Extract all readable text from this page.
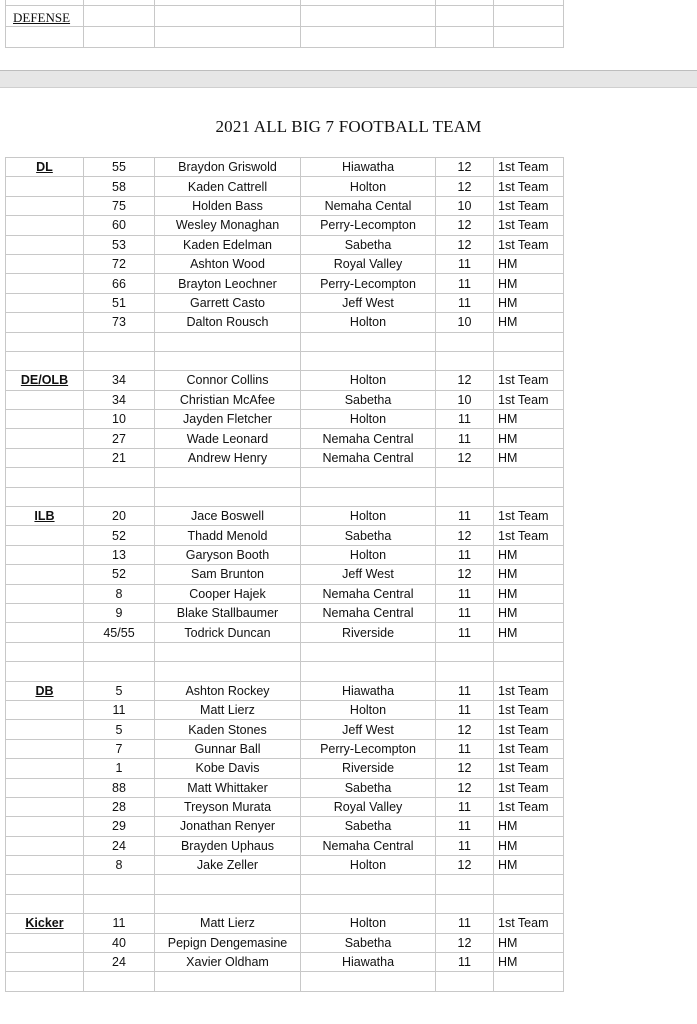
DEFENSE					

2021 ALL BIG 7 FOOTBALL TEAM
DL	55	Braydon Griswold	Hiawatha	12	1st Team
	58	Kaden Cattrell	Holton	12	1st Team
	75	Holden Bass	Nemaha Cental	10	1st Team
	60	Wesley Monaghan	Perry-Lecompton	12	1st Team
	53	Kaden Edelman	Sabetha	12	1st Team
	72	Ashton Wood	Royal Valley	11	HM
	66	Brayton Leochner	Perry-Lecompton	11	HM
	51	Garrett Casto	Jeff West	11	HM
	73	Dalton Rousch	Holton	10	HM

DE/OLB	34	Connor Collins	Holton	12	1st Team
	34	Christian McAfee	Sabetha	10	1st Team
	10	Jayden Fletcher	Holton	11	HM
	27	Wade Leonard	Nemaha Central	11	HM
	21	Andrew Henry	Nemaha Central	12	HM

ILB	20	Jace Boswell	Holton	11	1st Team
	52	Thadd Menold	Sabetha	12	1st Team
	13	Garyson Booth	Holton	11	HM
	52	Sam Brunton	Jeff West	12	HM
	8	Cooper Hajek	Nemaha Central	11	HM
	9	Blake Stallbaumer	Nemaha Central	11	HM
	45/55	Todrick Duncan	Riverside	11	HM

DB	5	Ashton Rockey	Hiawatha	11	1st Team
	11	Matt Lierz	Holton	11	1st Team
	5	Kaden Stones	Jeff West	12	1st Team
	7	Gunnar Ball	Perry-Lecompton	11	1st Team
	1	Kobe Davis	Riverside	12	1st Team
	88	Matt Whittaker	Sabetha	12	1st Team
	28	Treyson Murata	Royal Valley	11	1st Team
	29	Jonathan Renyer	Sabetha	11	HM
	24	Brayden Uphaus	Nemaha Central	11	HM
	8	Jake Zeller	Holton	12	HM

Kicker	11	Matt Lierz	Holton	11	1st Team
	40	Pepign Dengemasine	Sabetha	12	HM
	24	Xavier Oldham	Hiawatha	11	HM
